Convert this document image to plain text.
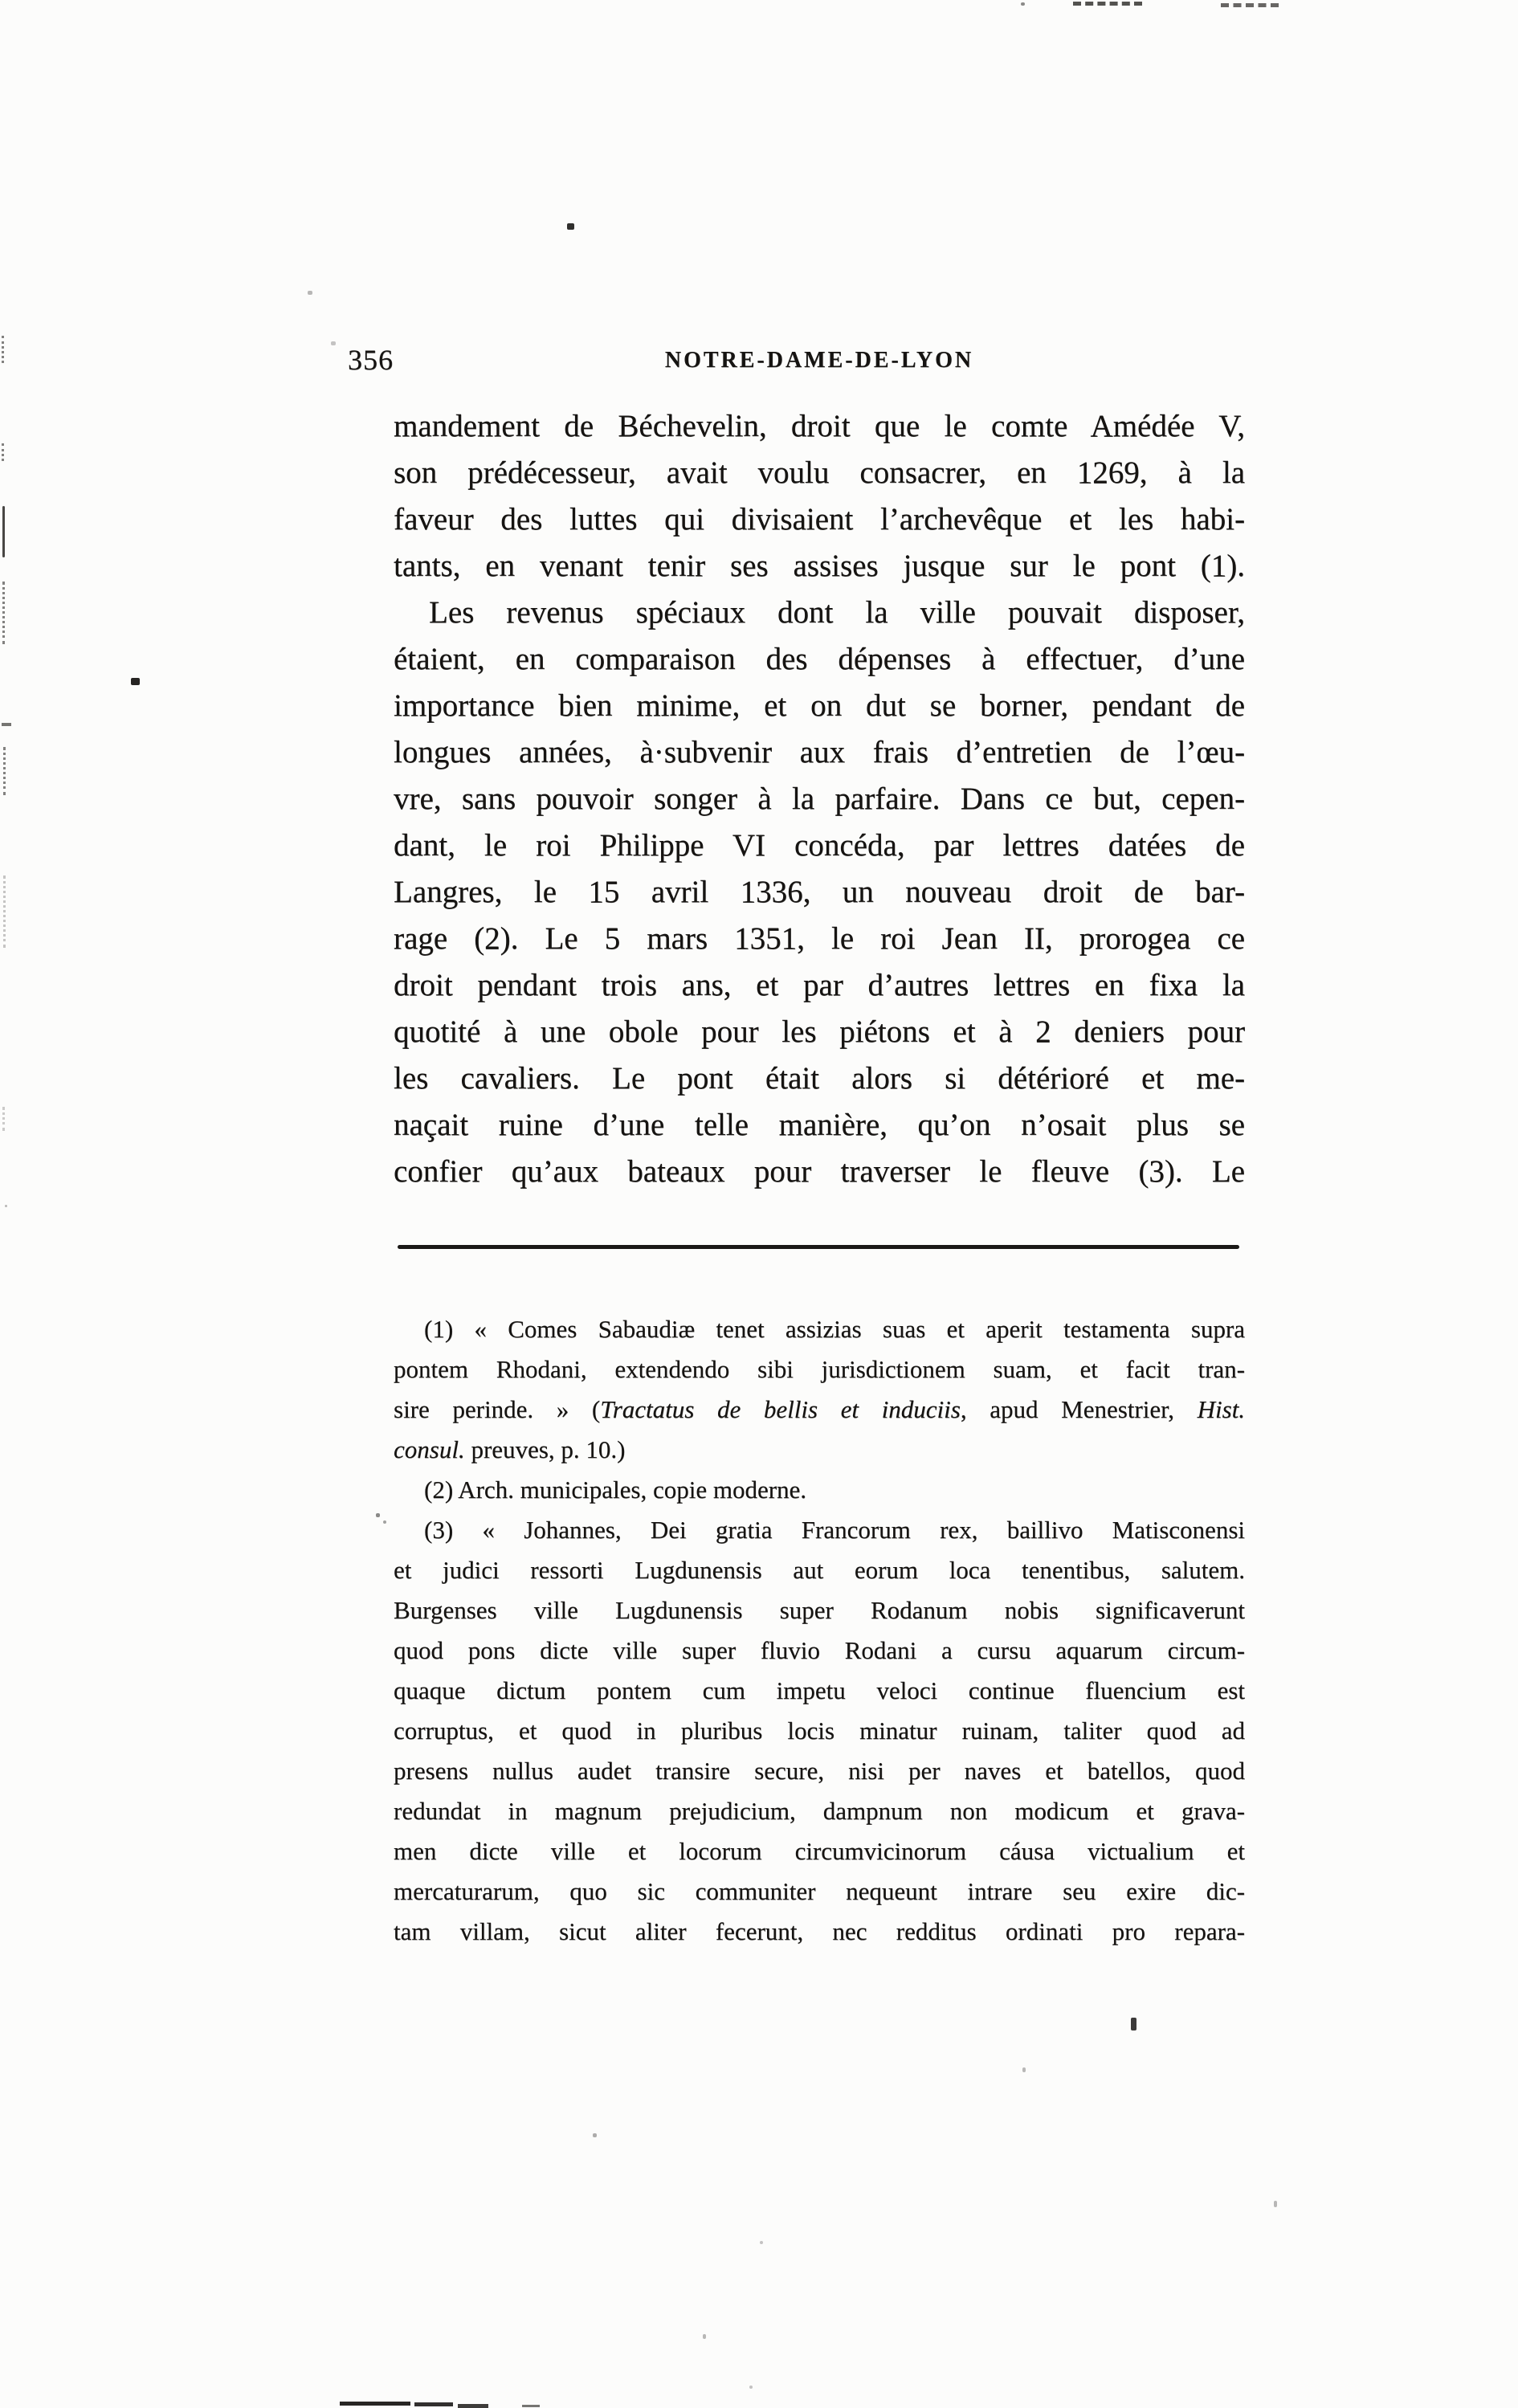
356	NOTRE-DAME-DE-LYON
mandement de Béchevelin, droit que le comte Amédée V,
son prédécesseur, avait voulu consacrer, en 1269, à la
faveur des luttes qui divisaient l’archevêque et les habi-
tants, en venant tenir ses assises jusque sur le pont (1).
Les revenus spéciaux dont la ville pouvait disposer,
étaient, en comparaison des dépenses à effectuer, d’une
importance bien minime, et on dut se borner, pendant de
longues années, à·subvenir aux frais d’entretien de l’œu-
vre, sans pouvoir songer à la parfaire. Dans ce but, cepen-
dant, le roi Philippe VI concéda, par lettres datées de
Langres, le 15 avril 1336, un nouveau droit de bar-
rage (2). Le 5 mars 1351, le roi Jean II, prorogea ce
droit pendant trois ans, et par d’autres lettres en fixa la
quotité à une obole pour les piétons et à 2 deniers pour
les cavaliers. Le pont était alors si détérioré et me-
naçait ruine d’une telle manière, qu’on n’osait plus se
confier qu’aux bateaux pour traverser le fleuve (3). Le
(1) « Comes Sabaudiæ tenet assizias suas et aperit testamenta supra
pontem Rhodani, extendendo sibi jurisdictionem suam, et facit tran-
sire perinde. » (Tractatus de bellis et induciis, apud Menestrier, Hist.
consul. preuves, p. 10.)
(2) Arch. municipales, copie moderne.
(3) « Johannes, Dei gratia Francorum rex, baillivo Matisconensi
et judici ressorti Lugdunensis aut eorum loca tenentibus, salutem.
Burgenses ville Lugdunensis super Rodanum nobis significaverunt
quod pons dicte ville super fluvio Rodani a cursu aquarum circum-
quaque dictum pontem cum impetu veloci continue fluencium est
corruptus, et quod in pluribus locis minatur ruinam, taliter quod ad
presens nullus audet transire secure, nisi per naves et batellos, quod
redundat in magnum prejudicium, dampnum non modicum et grava-
men dicte ville et locorum circumvicinorum cáusa victualium et
mercaturarum, quo sic communiter nequeunt intrare seu exire dic-
tam villam, sicut aliter fecerunt, nec redditus ordinati pro repara-
